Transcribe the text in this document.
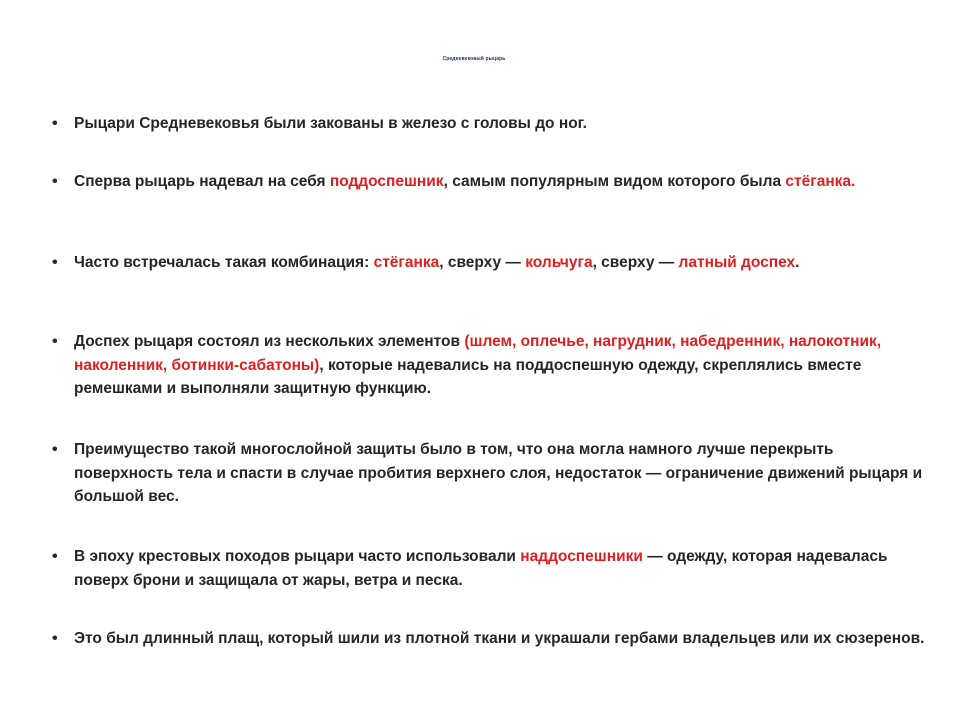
Средневековый рыцарь
• Рыцари Средневековья были закованы в железо с головы до ног.
• Сперва рыцарь надевал на себя поддоспешник, самым популярным видом которого была стёганка.
• Часто встречалась такая комбинация: стёганка, сверху — кольчуга, сверху — латный доспех.
• Доспех рыцаря состоял из нескольких элементов (шлем, оплечье, нагрудник, набедренник, налокотник, наколенник, ботинки-сабатоны), которые надевались на поддоспешную одежду, скреплялись вместе ремешками и выполняли защитную функцию.
• Преимущество такой многослойной защиты было в том, что она могла намного лучше перекрыть поверхность тела и спасти в случае пробития верхнего слоя, недостаток — ограничение движений рыцаря и большой вес.
• В эпоху крестовых походов рыцари часто использовали наддоспешники — одежду, которая надевалась поверх брони и защищала от жары, ветра и песка.
• Это был длинный плащ, который шили из плотной ткани и украшали гербами владельцев или их сюзеренов.
